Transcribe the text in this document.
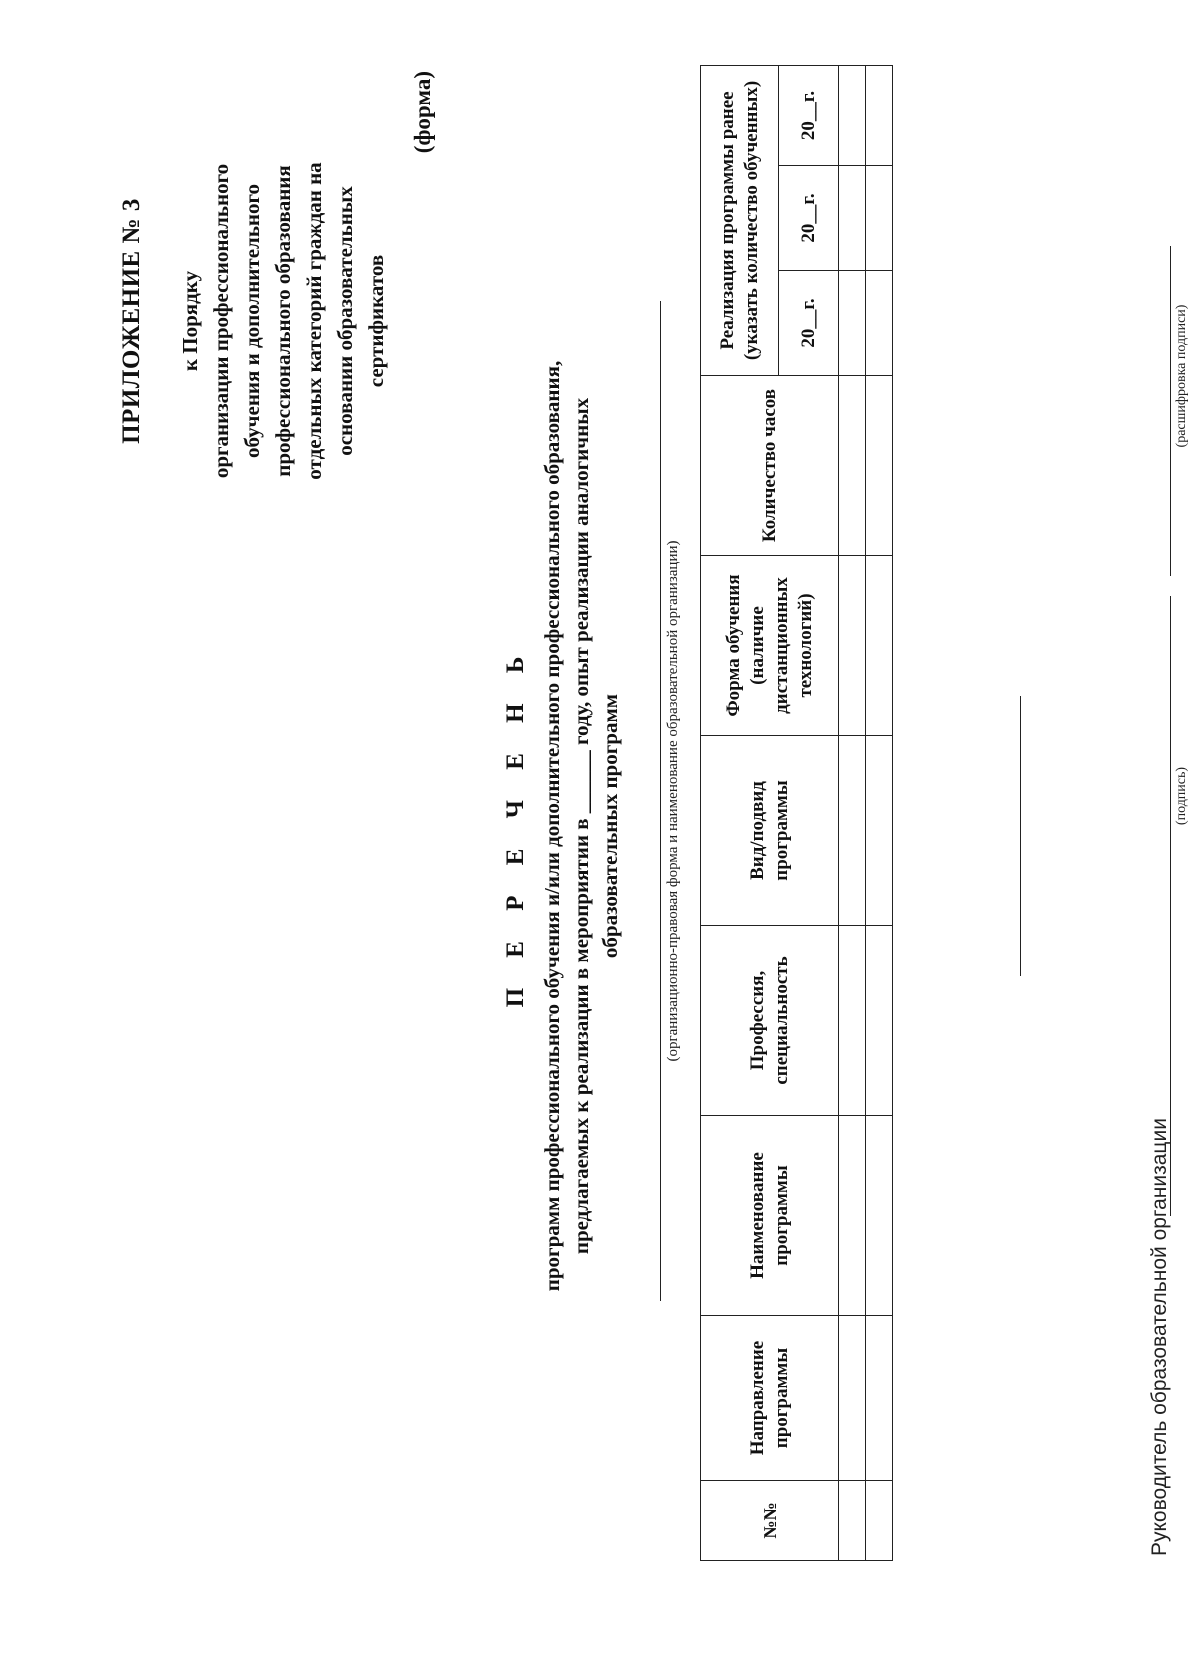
ПРИЛОЖЕНИЕ № 3 к Порядку организации профессионального обучения и дополнительного профессионального образования отдельных категорий граждан на основании образовательных сертификатов
(форма)
П Е Р Е Ч Е Н Ь программ профессионального обучения и/или дополнительного профессионального образования, предлагаемых к реализации в мероприятии в ______ году, опыт реализации аналогичных образовательных программ	(организационно-правовая форма и наименование образовательной организации)
№№	Направление программы	Наименование программы	Профессия, специальность	Вид/подвид программы	Форма обучения (наличие дистанционных технологий)	Количество часов	Реализация программы ранее (указать количество обученных)		
							20__г.	20__г.	20__г.

Руководитель образовательной организации
(подпись)
(расшифровка подписи)
